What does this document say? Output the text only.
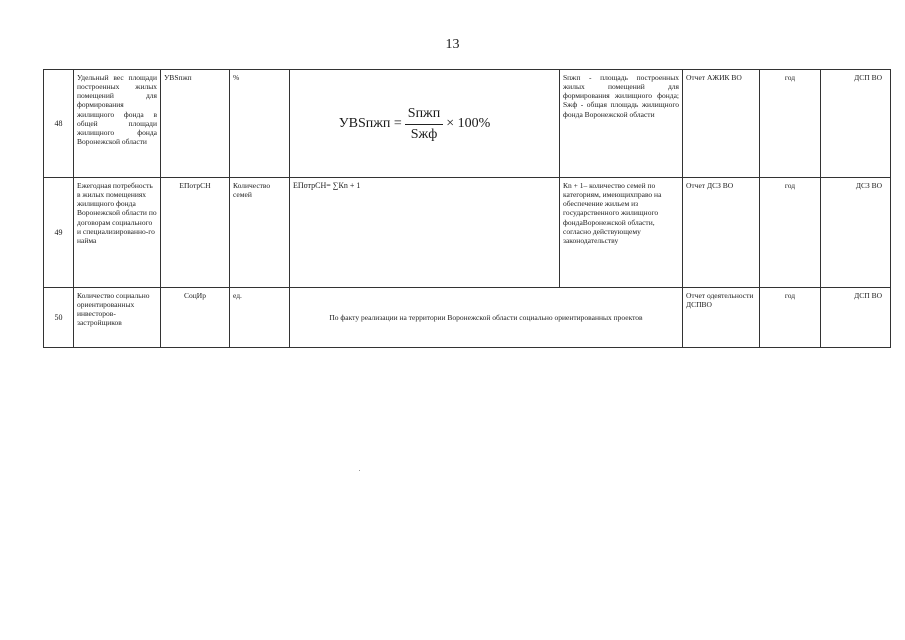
13
48	Удельный вес площади построенных жилых помещений для формирования жилищного фонда в общей площади жилищного фонда Воронежской области	УВSпжп	%	УВSпжп = $\frac{\text{Sпжп}}{\text{Sжф}} \times 100\%$	Sпжп - площадь построенных жилых помещений для формирования жилищного фонда; Sжф - общая площадь жилищного фонда Воронежской области	Отчет АЖИК ВО	год	ДСП ВО
49	Ежегодная потребность в жилых помещениях жилищного фонда Воронежской области по договорам социального и специализированно-го найма	ЕПотрСН	Количество семей	ЕПотрСН= ∑Кn + 1	Кn + 1– количество семей по категориям, имеющихправо на обеспечение жильем из государственного жилищного фондаВоронежской области, согласно действующему законодательству	Отчет ДСЗ ВО	год	ДСЗ ВО
50	Количество социально ориентированных инвесторов-застройщиков	СоцИр	ед.	По факту реализации на территории Воронежской области социально ориентированных проектов		Отчет одеятельности ДСПВО	год	ДСП ВО
